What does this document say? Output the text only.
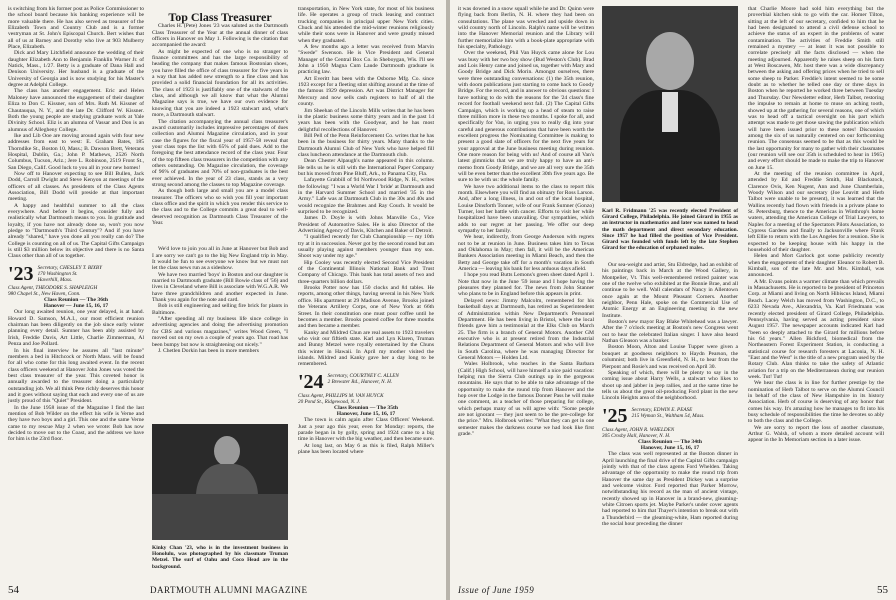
is switching from his former post as Police Commissioner to the school board because his banking experience will be more valuable there. He has also served as treasurer of the Elizabeth Town and Country Club and is a former vestryman at St. John's Episcopal Church. Bert wishes that all of us at Barney and Dorothy who live at 903 Mulberry Place, Elizabeth.

Dick and Mary Litchfield announce the wedding of their daughter Elizabeth Ann to Benjamin Franklin Warner Jr. of Natick, Mass., 1/27. Betty is a graduate of Dana Hall and Denison University. Her husband is a graduate of the University of Georgia and is now studying for his Master's degree at Adelphi College.

The class has another engagement. Eric and Helen Maloney have announced the engagement of their daughter Eliza to Don C. Kissner, son of Mrs. Ruth M. Kissner of Chautauqua, N. Y., and the late Dr. Clifford W. Kissner. Both the young people are studying graduate work at Yale Divinity School. Eliz is an alumna of Vassar and Don is an alumnus of Allegheny College.

Ike and Lib Ooe are moving around again with four new addresses from east to west: E. Graham Bates, 185 Thorndike St., Boston 10, Mass.; B. Dawson Brett, Veterans Hospital, Dublin, Ga.; John P. Mathews, 2526 North Columbus, Tucson, Ariz.; Jere L. Robinson, 2519 Front St., San Diego, Calif. Good luck to you all in your new homes!

Now off to Hanover expecting to see Bill Bullen, Jack Dodd, Carroll Dwight and Steve Kenyon at meetings of the officers of all classes. As presidents of the Class Agents Association, Bill Dodd will preside at that important meeting.

A happy and healthful summer to all the class everywhere. And before it begins, consider fully and realistically what Dartmouth means to you. In gratitude and loyalty, if you have not already done so, won't you now pledge to "Dartmouth's Third Century"? And if you have already "shared," have you done all you really can do? The College is counting on all of us. The Capital Gifts Campaign is still $3 million below its objective and there is no Santa Claus other than all of us together.

'23 Secretary, CHESLEY T. BIXBY
170 Washington St.
Haverhill, Mass.

Class Agent, THEODORE S. SHAPLEIGH
980 Chapel St., New Haven, Conn.

Class Reunion — The 36th
Hanover — June 15, 16, 17

Our long awaited reunion, one year delayed, is at hand. Howard D. Samson, M.A.I., our most efficient reunion chairman has been diligently on the job since early winter planning every detail. Sumner has been ably assisted by Irish, Freddie Davis, Art Little, Charlie Zimmerman, Al Penza and Joe Pollard.

In his final interview he assures all "last minute" members a bed in Hitchcock or North Mass. will be found for all who come for this long awaited event. In the recent class officers weekend at Hanover John Jones was voted the best class treasurer of the year. This coveted honor is annually awarded to the treasurer doing a particularly outstanding job. We all think Pete richly deserves this honor and it goes without saying that each and every one of us are justly proud of this "Quiet" President.

In the June 1958 issue of the Magazine I find the last mention of Bob Wilder on the effect his wife is Verne and they have two boys and a girl. This one and the same Verne came to my rescue May 2 when we wrote: Bob has now decided to move out to the Coast, and the address we have for him is the 23rd floor.

Top Class Treasurer

Charles H. (Pete) Jones '23 was saluted as the Dartmouth Class Treasurer of the Year at the annual dinner of class officers in Hanover on May 1. Following is the citation that accompanied the award:

As might be expected of one who is no stranger to finance committees and has the large responsibility of heading the company that makes famous Bostonian shoes, you have filled the office of class treasurer for five years in a way that has added new strength to a fine class and has provided a solid financial foundation for all its activities. The class of 1923 is justifiably one of the stalwarts of the class, and although we all know that what the Alumni Magazine says is true, we have our own evidence for knowing that you are indeed a 1923 stalwart and, what's more, a Dartmouth stalwart.

The citation accompanying the annual class treasurer's award customarily includes impressive percentages of dues collection and Alumni Magazine circulation, and in your case the figures for the fiscal year of 1957-58 reveal that your class tops the list with 65% of paid dues. Add to the foregoing the best attendance record of the class year. Four of the top fifteen class treasurers in the competition with any others outstanding. On Magazine circulation, the coverage of 96% of graduates and 70% of non-graduates is the best ever achieved. In the year of 23 class, stands as a very strong second among the classes to top Magazine coverage.

As though both large and small you are a model class treasurer. The officers who so wish you fill your important class office and the spirit in which you render this service to the class and to the College commits a great deal to well-deserved recognition as Dartmouth Class Treasurer of the Year.

We'd love to join you all in June at Hanover but Bob and I are sorry we can't go to the big New England trip in May. It would be fun to see everyone we know but we must not let the class news run as a sideshow.

We have two married 'boys' in Boston and our daughter is married to Dartmouth graduate (Bill Bowie class of '56) and lives in Cleveland where Bill is associate with W.G.A.R. We have three grandchildren and another expected in June. Thank you again for the note and card.

Bob is still engineering and selling fire brick for plants in Baltimore.

"After spending all my business life since college in advertising agencies and doing the advertising promotion for CBS and various magazines," writes Wood Green, "I moved out on my own a couple of years ago. That road has been bumpy but now is straightening out nicely."

J. Chetlen Dorkin has been in more members

Kinky Chan '23, who is in the investment business in Honolulu, was photographed by his classmate Truman Metzel. The surf of Oahu and Coco Head are in the background.

transportation, in New York state, for most of his business life. He operates a group of truck leasing and contract trucking companies in principal upper New York cities. Chuck and his attended the mid-winter reunions religiously while their sons were in Hanover and were greatly missed when they graduated.

A few months ago a letter was received from Marvin "Swede" Swenson. He is Vice President and General Manager of the Central Box Co. in Sheboygan, Wis. I'll see John a 1950 Magna Cum Laude Dartmouth graduate is practicing law.

Art Everitt has been with the Osborne Mfg. Co. since 1923 except for a fleeting stint shifting around at the time of the famous 1929 depression. Art was District Manager for Mercury and now sells cash registers to half of all the county.

Jim Sheehan of the Lincoln Mills writes that he has been in the plastic business some thirty years and in the past 14 years has been with the Goodyear, and he has most delightful recollections of Hanover.

Bill Pell of the Penn Reinforcement Co. writes that he has been in the business for thirty years. Many thanks to the Dartmouth Alumni Club of New York who have helped fill class luncheon attendance at the Dartmouth club.

Dean Chester Alpaugh's name appeared in this column. He tells us he is still with the International Paper Company but his moved from Pine Bluff, Ark., to Panama City, Fla.

Lafayette Grabbill of 94 Northwood Ridge, N. H., writes the following: "I was a World War I 'bride' at Dartmouth and in the Harvard Summer School and married '35 in the Army." Lafe was at Dartmouth Club in the 30s and 40s and would recognize the Brahmes and Ray Couch. It would be surprised to be recognized.

James D. Doyle is with Johns Manville Co., Vice President of Automotive Sales. He is also Director of the Advertising Agency of Davis, Kitchen and Baker of Detroit.

"I qualified recently for Club Championship — my 10th try at it in succession. Never got by the second round but am usually playing against members younger than my son. Shoot way under my age."

Hip Cooley was recently elected Second Vice President of the Continental Illinois National Bank and Trust Company of Chicago. This bank has total assets of two and three-quarters billion dollars.

Brooks Potter now has 150 clocks and 84 tables. He reports, among other things, having several in his New York office. His apartment at 29 Madison Avenue, Brooks joined the Veterans Artillery Corps, one of New York at 66th Street. In their constitution one must pour coffee until he becomes a member. Brooks poured coffee for three months and then became a member.

Kanky and Mildred Chun are real assets to 1923 travelers who visit our fiftieth state. Karl and Lyn Klaren, Truman and Bunny Metzel were royally entertained by the Chuns this winter in Hawaii. In April my mother visited the islands. Mildred and Kanky gave her a day long to be remembered.

'24 Secretary, COURTNEY C. ALLEN
2 Brewster Rd., Hanover, N. H.

Class Agent, PHILLIPS M. VAN HUYCK
20 Pond St., Ridgewood, N. J.

Class Reunion — The 35th
Hanover, June 15, 16, 17

The town is calm again after Class Officers' Weekend. Just a year ago this year, even for Monday: reports, the parade began in by golly, spring and 1924 came to a big time in Hanover with the big weather, and then became sure.

At long last, on May 6 as this is filed, Ralph Miller's plane has been located where

54	DARTMOUTH ALUMNI MAGAZINE

it was downed in a snow squall while he and Dr. Quinn were flying back from Berlin, N. H. where they had been on consultations. The plane was wrecked and upside down in wild country north of Lincoln. Ralph's name will be written into the Hanover Memorial reunion and the Library will further memorialize him with a book-plate appropriate with his specialty, Pathology.

Over the weekend, Phil Van Huyck came alone for Lou was busy with her two boy show (Bud Weston's Club). Brad and Lois Henry came and joined us, together with Mary and Goody Bridge and Dick Morin. Amongst ourselves, there were three outstanding conversations: (1) the 35th reunion, with doom publications just starting to come back to Goody Bridge. For the record, and in answer to obvious questions: I have nothing to do with the reasons for the '24 class's fine record for football weekend next fall. (2) The Capital Gifts Campaign, which is working up a head of steam to raise three million more in these two months. I spoke for all, and specifically for Van, in urging you to really dig into your careful and generous contributions that have been worth the excellent progress the Nominating Committee is making to present a good slate of officers for the next five years for your approval at the June business meeting during reunion. One more reason for being with us! And of course all Van's latest gimmicks that we are truly happy to have an anti-memo from Goody Bridge, and we are all very sure the 35th will be even better than the excellent 30th five years ago. Be sure to be with us: the whole family.

We have two additional items to the class to report this month. Elsewhere you will find an obituary for Ross Larson. And, after a long illness, in and out of the local hospital, Louise Dinsforth Tonner, wife of our Frank Sumner (Gonzo) Turner, lost her battle with cancer. Efforts to visit her while hospitalized have been unavailing. Our sympathies, which adds to our regret at her passing. We offer our deep sympathy to her family.

We hear, indirectly, from George Anderson with regrets not to be at reunion in June. Business takes him to Texas and Oklahoma in May; then fall, it will be the American Bankers Association meeting in Miami Beach, and then the Betty and George take off for a month's vacation in South America — leaving his bank for less arduous days afield.

I hope you read Butts Lemons's green sheet dated April 1. Note that now in the June '59 issue and I hope having the pleasures they planned for. The news from John Stanner who plans to be in England before this appears in print.

Delayed news: Jimmy Malcolm, remembered for his basketball days at Dartmouth, has retired as Superintendent of Administration within New Department's Personnel Department. He has been living in Bristol, where the local friends gave him a testimonial at the Elks Club on March 25. The firm is a branch of General Motors. Another GM executive who is at present retired from the Industrial Relations Department of General Motors and who will live in South Carolina, where he was managing Director for General Motors — Holden Ltd.

Wales Holbrook, who teaches in the Santa Barbara (Calif.) High School, will have himself a nice paid vacation: helping run the Sierra Club outings up in the gorgeous mountains. He says that to be able to take advantage of the opportunity to make the round trip from Hanover and the hop over the Lodge in the famous Donner Pass he will make one comment, as a teacher of those preparing for college, which perhaps many of us will agree with: "Some people are not ignorant — they just seem to be the pre-college for the price." Mrs. Holbrook writes: "What they can get in one semester makes the darkness course we had look like first grade."

Karl R. Fridmann '25 was recently elected President of Girard College, Philadelphia. He joined Girard in 1955 as an instructor in mathematics and later was named to head the math department and direct secondary education. Since 1957 he had filled the position of Vice President. Girard was founded with funds left by the late Stephen Girard for the education of orphaned males.

Our sea-weight and artist, Stu Eldredge, had an exhibit of his paintings back in March at the Wood Gallery, in Montpelier, Vt. This well-remembered retired painter was one of the twelve who exhibited at the Bonnie Brae, and all continue to be well. Wall calendars of Nancy in Allentown once again at the Mount Pleasant Corners. Another neighbor, Penn Hale, spoke on the Commercial Use of Atomic Energy at an Engineering meeting in the new Institute.

Boston's new mayor Ray Blake Whitehead was a lawyer. After the 7 o'clock meeting at Boston's new Congress went out to hear the celebrated Italian singer. I have also heard Nathan Gleason was a banker.

Boston Moon, Alton and Louise Tupper were given a bouquet at goodness neighbors to Haydn Pearson, the columnist; both live in Greenfield, N. H., to hear from the Pierpont and Rosie's and was received on April 30.

Speaking of which, there will be plenty to say in the coming issue about Harry Wells, a stalwart who likes to shoot up and jabber in jeep rallies, and at the same time he tells us about the great oil-producing Ford plant in the new Lincoln Heights area of the neighborhood.

'25 Secretary, EDWIN E. PEASE
215 Wyman St., Waltham 54, Mass.

Class Agent, JOHN R. WHELDEN
305 Crosby Hall, Hanover, N. H.

Class Reunion — The 34th
Hanover, June 15, 16, 17

The class was well represented at the Boston dinner in April launching the final drive of the Capital Gifts campaign jointly with that of the class agents Ford Whelden. Taking advantage of the opportunity to make the round trip from Hanover the same day as President Dickey was a surprise and welcome visitor. Ford reported that Parker Morrow, notwithstanding his record as the man of ancient vintage, recently showed up in Hanover in a brand-new, gleaming-white Citroen sports jet. Maybe Parker's under cover agents had reported to him that Thayer's intention to break out with a Thunderbird — the gleaming-white, Ham reported during the social hour preceding the dinner

that Charlie Moore had sold him everything but the proverbial kitchen sink to go with the car. Homer Tilton, sitting at the left of our secretary, confided to him that he had been designated to attend a civil defense school to achieve the status of an expert in the problems of water contamination. The activities of Freddie Smith still remained a mystery — at least it was not possible to correlate precisely all the facts disclosed — when the meeting adjourned. Apparently he raises sheep on his farm at West Boscawen, Mr. host there was a wide discrepancy between the asking and offering prices when he tried to sell some sheep to Parker. Freddie's intent seemed to be some doubt as to whether he telled one day or three days in Boston when he reported he worked three between Tuesday and Thursday. Our Newsletter editor, Herb Talbot, restoring the impulse to remain at home to muse on aching tooth, showed up at the gathering for several reasons, one of which was to head off a tactical oversight on his part which attempt was made to get those sawing the publication which will have been issued prior to these notes! Discussion among the six of us naturally centered on our forthcoming reunion. The consensus seemed to be that as this would be the last opportunity for many to gather with their classmates (our reunion will see our 35th is scheduled to hear in 1965) and every effort should be made to make the trip to Hanover on June 15.

At the meeting of the reunion committee in April, attended by Ed and Freddie Smith, Hal Blackstock, Clarence Ovis, Ken Nugent, Ann and June Chamberlain, Woody Wilson and our secretary (Joe Leavitt and Herb Talbot were unable to be present), it was learned that the Wallins recently had flown with friends in a private plane to St. Petersburg, thence to the Americas in Winthrop's home waters, attending the American College of Trial Lawyers, to Naples for a meeting of the Spectators Pilots Association, to Cypress Gardens and finally to Jacksonville where Frank left Ellie to return with the Los Angeles for a reunion. She is expected to be keeping house with his happy in the household of their daughter.

Helen and Mort Garlock got some publicity recently when the engagement of their daughter Eleanor to Robert B. Kimball, son of the late Mr. and Mrs. Kimball, was announced.

A Mr. Evans points a warmer climate than which prevails in Massachusetts. He is reported to be president of Princeton Corp. at Miami and living on North Hibiscus Island, Miami Beach. Lacey Welch has moved from Washington, D.C., to 6233 Nevada Ave., Alexandria, Va. Karl Friedmann was recently elected president of Girard College, Philadelphia. Pennsylvania, having served as acting president since August 1957. The newspaper accounts indicated Karl had "been so deeply attached to the Girard for millions before his 64 years." Allen Bickford, biomedical from the Northeastern Forest Experiment Station, is conducting a statistical course for research foresters at Laconia, N. H. "East and the West" is the title of a new program used by the Rotary Club. Alan thinks to take the safety of Atlantic aviation for a trip on the Mediterranean during our reunion week. Tut! Tut!

We hear the class is in line for further prestige by the nomination of Herb Talbot to serve on the Alumni Council in behalf of the class of New Hampshire in its history Association. Herb of course is deserving of any honor that comes his way. It's amazing how he manages to fit into his busy schedule of responsibilities the time he devotes so ably to both the class and the College.

We are sorry to report the loss of another classmate, Arthur G. Walsh, of whom a more detailed account will appear in the In Memoriam section in a later issue.

Issue of June 1959	55
